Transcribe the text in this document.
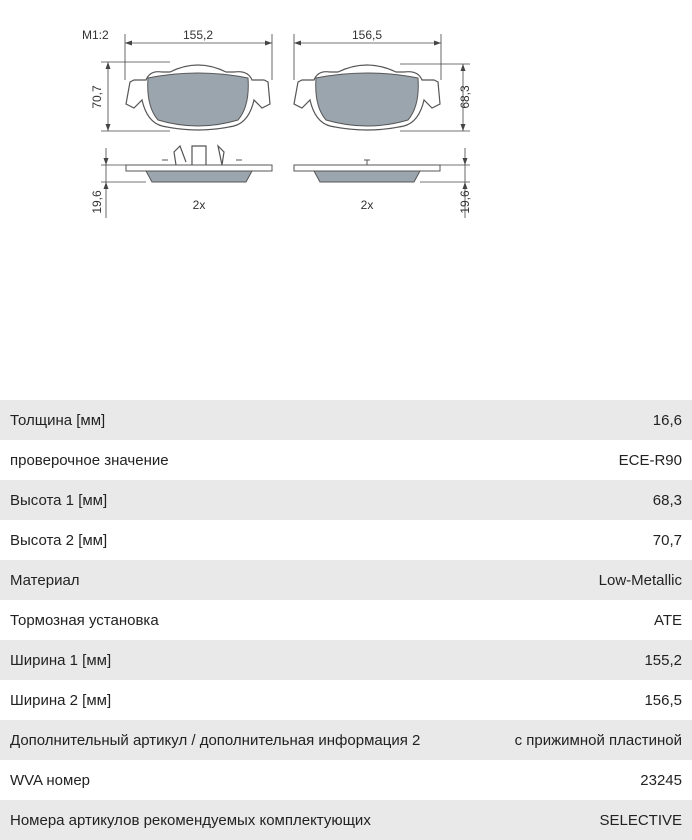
M1:2	155,2	156,5
70,7	68,3
19,6	19,6
2x	2x
Толщина [мм]	16,6
проверочное значение	ECE-R90
Высота 1 [мм]	68,3
Высота 2 [мм]	70,7
Материал	Low-Metallic
Тормозная установка	ATE
Ширина 1 [мм]	155,2
Ширина 2 [мм]	156,5
Дополнительный артикул / дополнительная информация 2	с прижимной пластиной
WVA номер	23245
Номера артикулов рекомендуемых комплектующих	SELECTIVE
